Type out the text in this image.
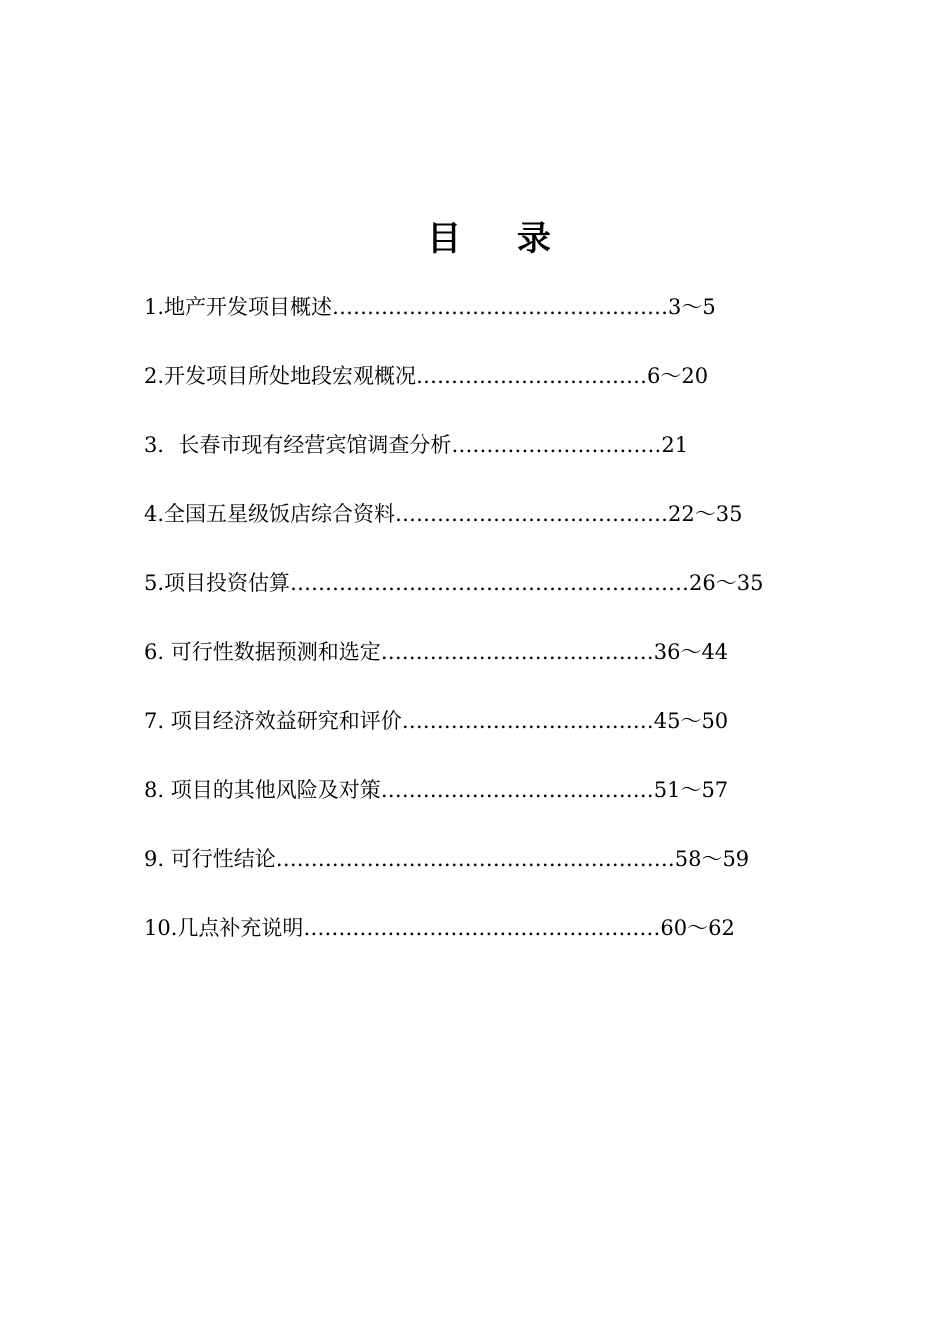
目 录
1.地产开发项目概述…………………………………………3～5
2.开发项目所处地段宏观概况……………………………6～20
3．长春市现有经营宾馆调查分析…………………………21
4.全国五星级饭店综合资料…………………………………22～35
5.项目投资估算…………………………………………………26～35
6. 可行性数据预测和选定…………………………………36～44
7. 项目经济效益研究和评价………………………………45～50
8. 项目的其他风险及对策…………………………………51～57
9. 可行性结论…………………………………………………58～59
10.几点补充说明……………………………………………60～62
